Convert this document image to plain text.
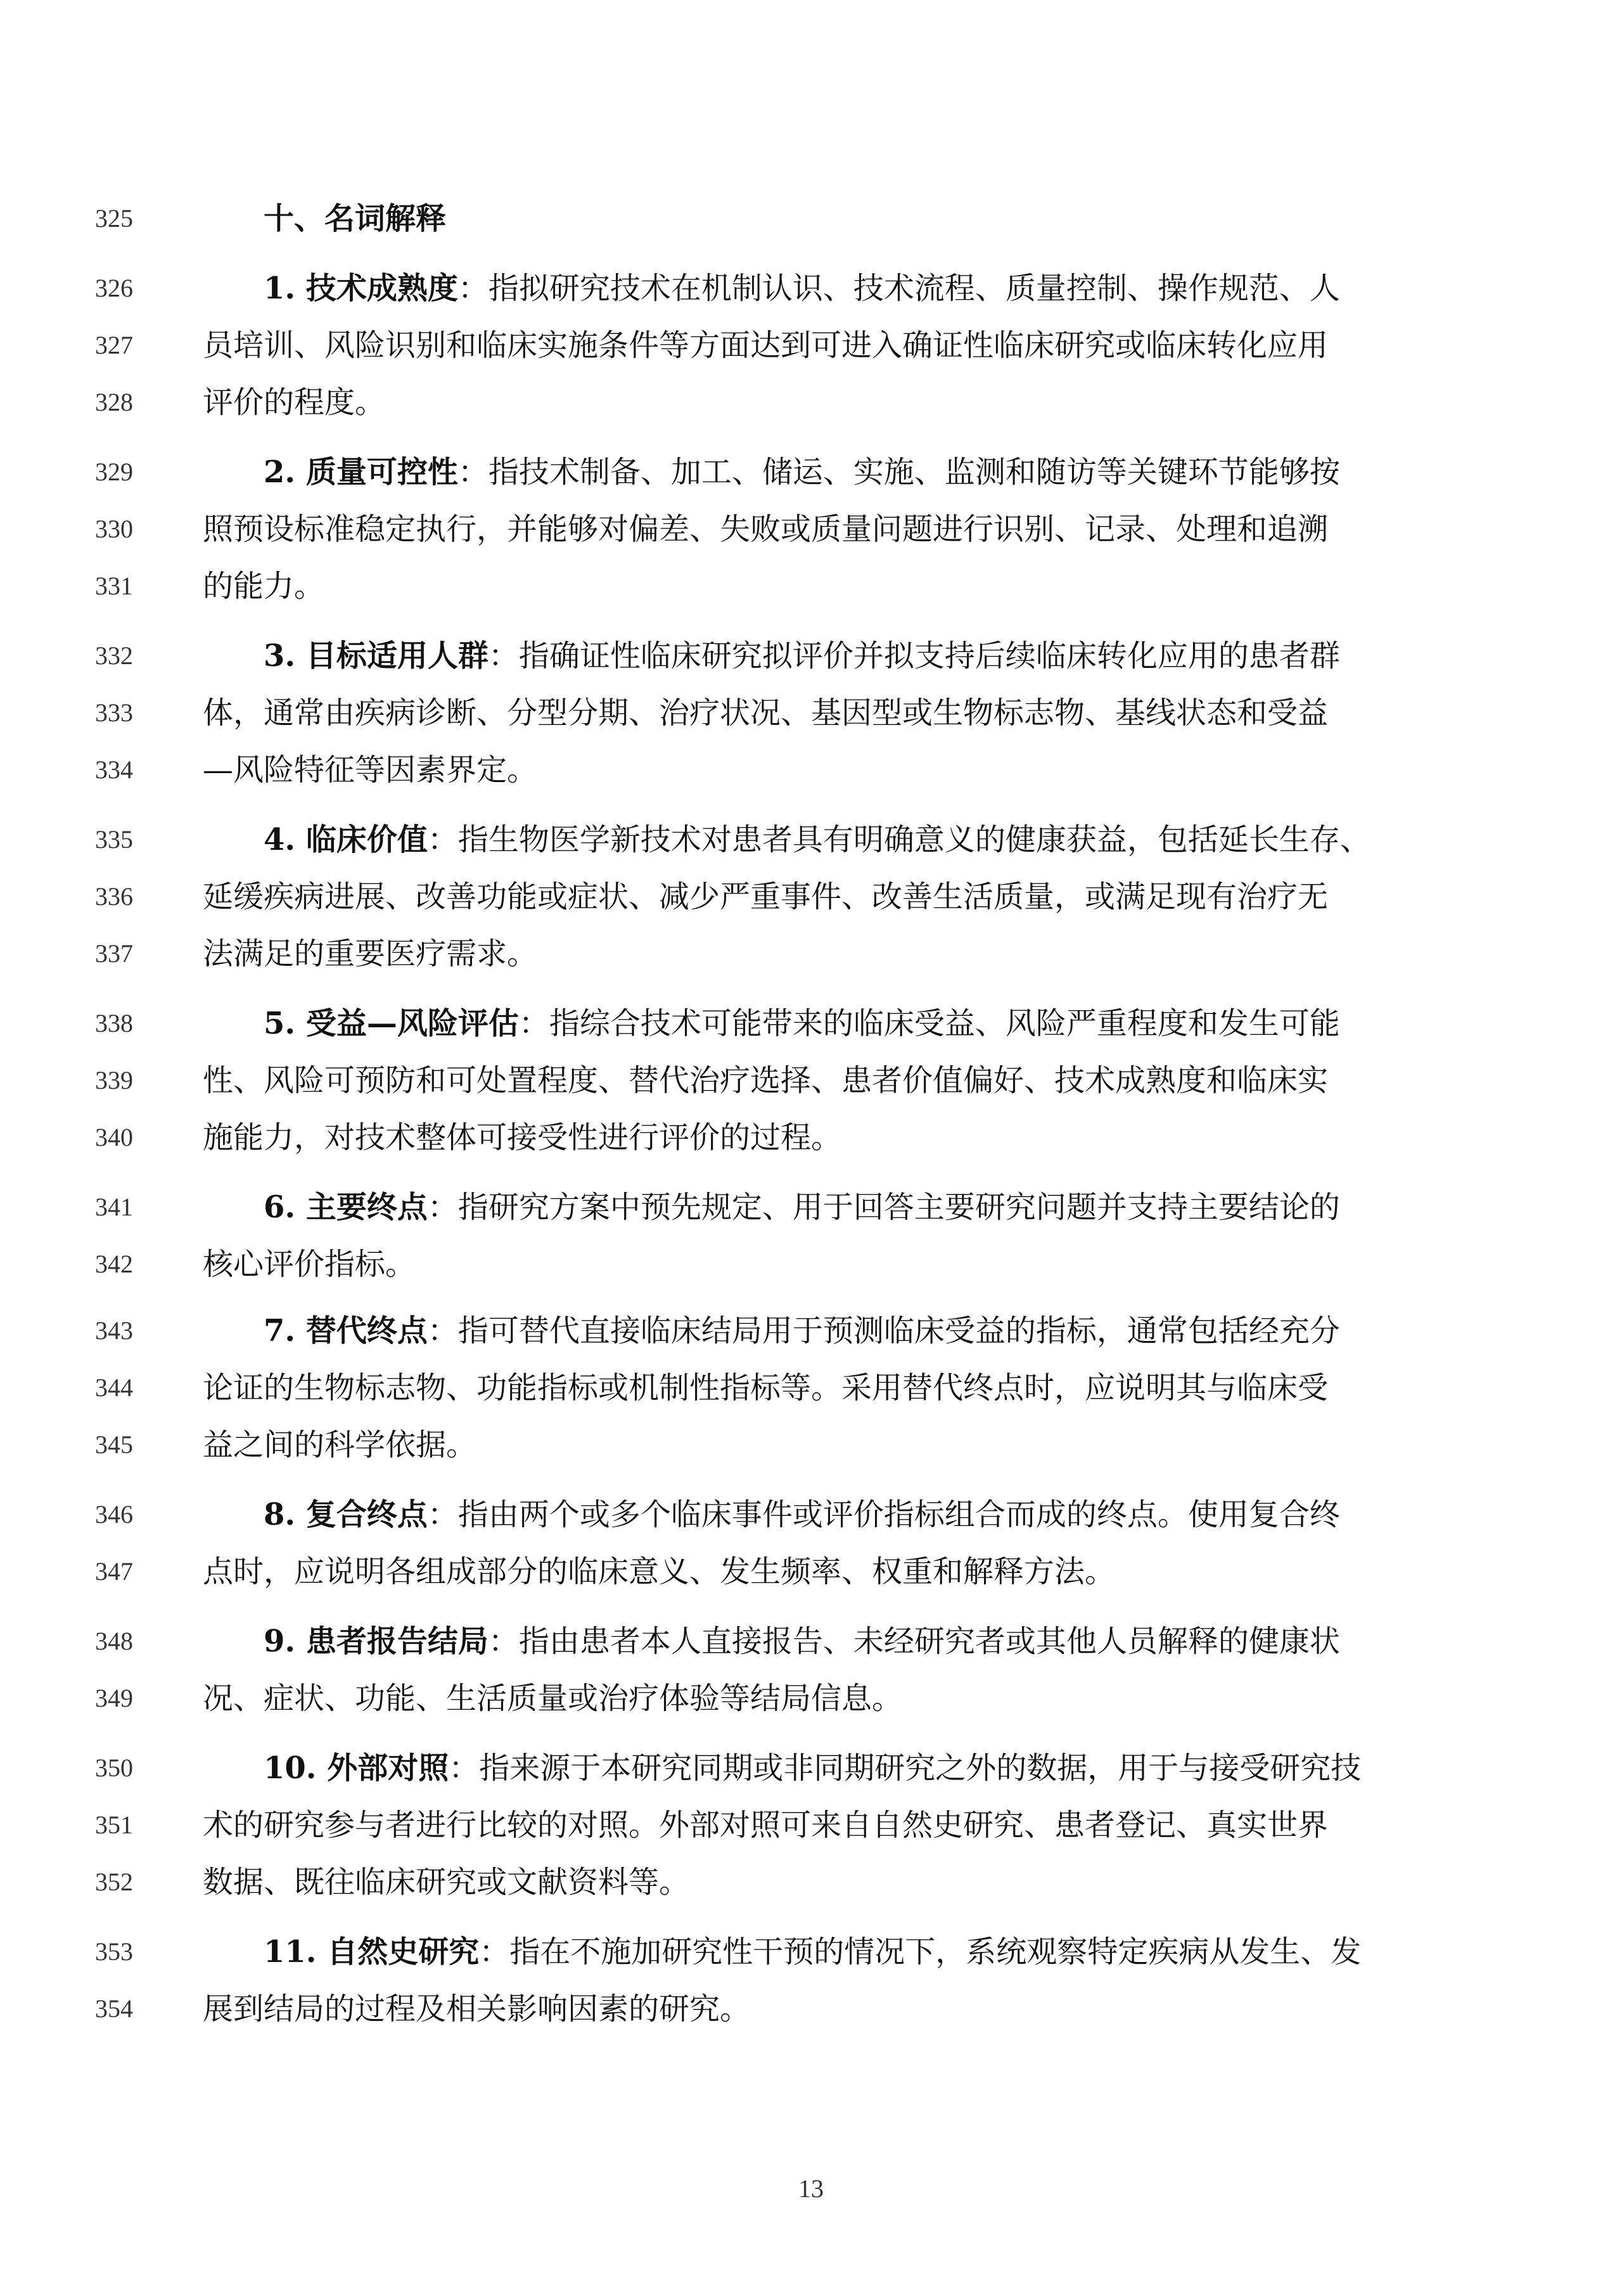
325	十、名词解释
326	1. 技术成熟度：指拟研究技术在机制认识、技术流程、质量控制、操作规范、人
327	员培训、风险识别和临床实施条件等方面达到可进入确证性临床研究或临床转化应用
328	评价的程度。
329	2. 质量可控性：指技术制备、加工、储运、实施、监测和随访等关键环节能够按
330	照预设标准稳定执行，并能够对偏差、失败或质量问题进行识别、记录、处理和追溯
331	的能力。
332	3. 目标适用人群：指确证性临床研究拟评价并拟支持后续临床转化应用的患者群
333	体，通常由疾病诊断、分型分期、治疗状况、基因型或生物标志物、基线状态和受益
334	—风险特征等因素界定。
335	4. 临床价值：指生物医学新技术对患者具有明确意义的健康获益，包括延长生存、
336	延缓疾病进展、改善功能或症状、减少严重事件、改善生活质量，或满足现有治疗无
337	法满足的重要医疗需求。
338	5. 受益—风险评估：指综合技术可能带来的临床受益、风险严重程度和发生可能
339	性、风险可预防和可处置程度、替代治疗选择、患者价值偏好、技术成熟度和临床实
340	施能力，对技术整体可接受性进行评价的过程。
341	6. 主要终点：指研究方案中预先规定、用于回答主要研究问题并支持主要结论的
342	核心评价指标。
343	7. 替代终点：指可替代直接临床结局用于预测临床受益的指标，通常包括经充分
344	论证的生物标志物、功能指标或机制性指标等。采用替代终点时，应说明其与临床受
345	益之间的科学依据。
346	8. 复合终点：指由两个或多个临床事件或评价指标组合而成的终点。使用复合终
347	点时，应说明各组成部分的临床意义、发生频率、权重和解释方法。
348	9. 患者报告结局：指由患者本人直接报告、未经研究者或其他人员解释的健康状
349	况、症状、功能、生活质量或治疗体验等结局信息。
350	10. 外部对照：指来源于本研究同期或非同期研究之外的数据，用于与接受研究技
351	术的研究参与者进行比较的对照。外部对照可来自自然史研究、患者登记、真实世界
352	数据、既往临床研究或文献资料等。
353	11. 自然史研究：指在不施加研究性干预的情况下，系统观察特定疾病从发生、发
354	展到结局的过程及相关影响因素的研究。
13
